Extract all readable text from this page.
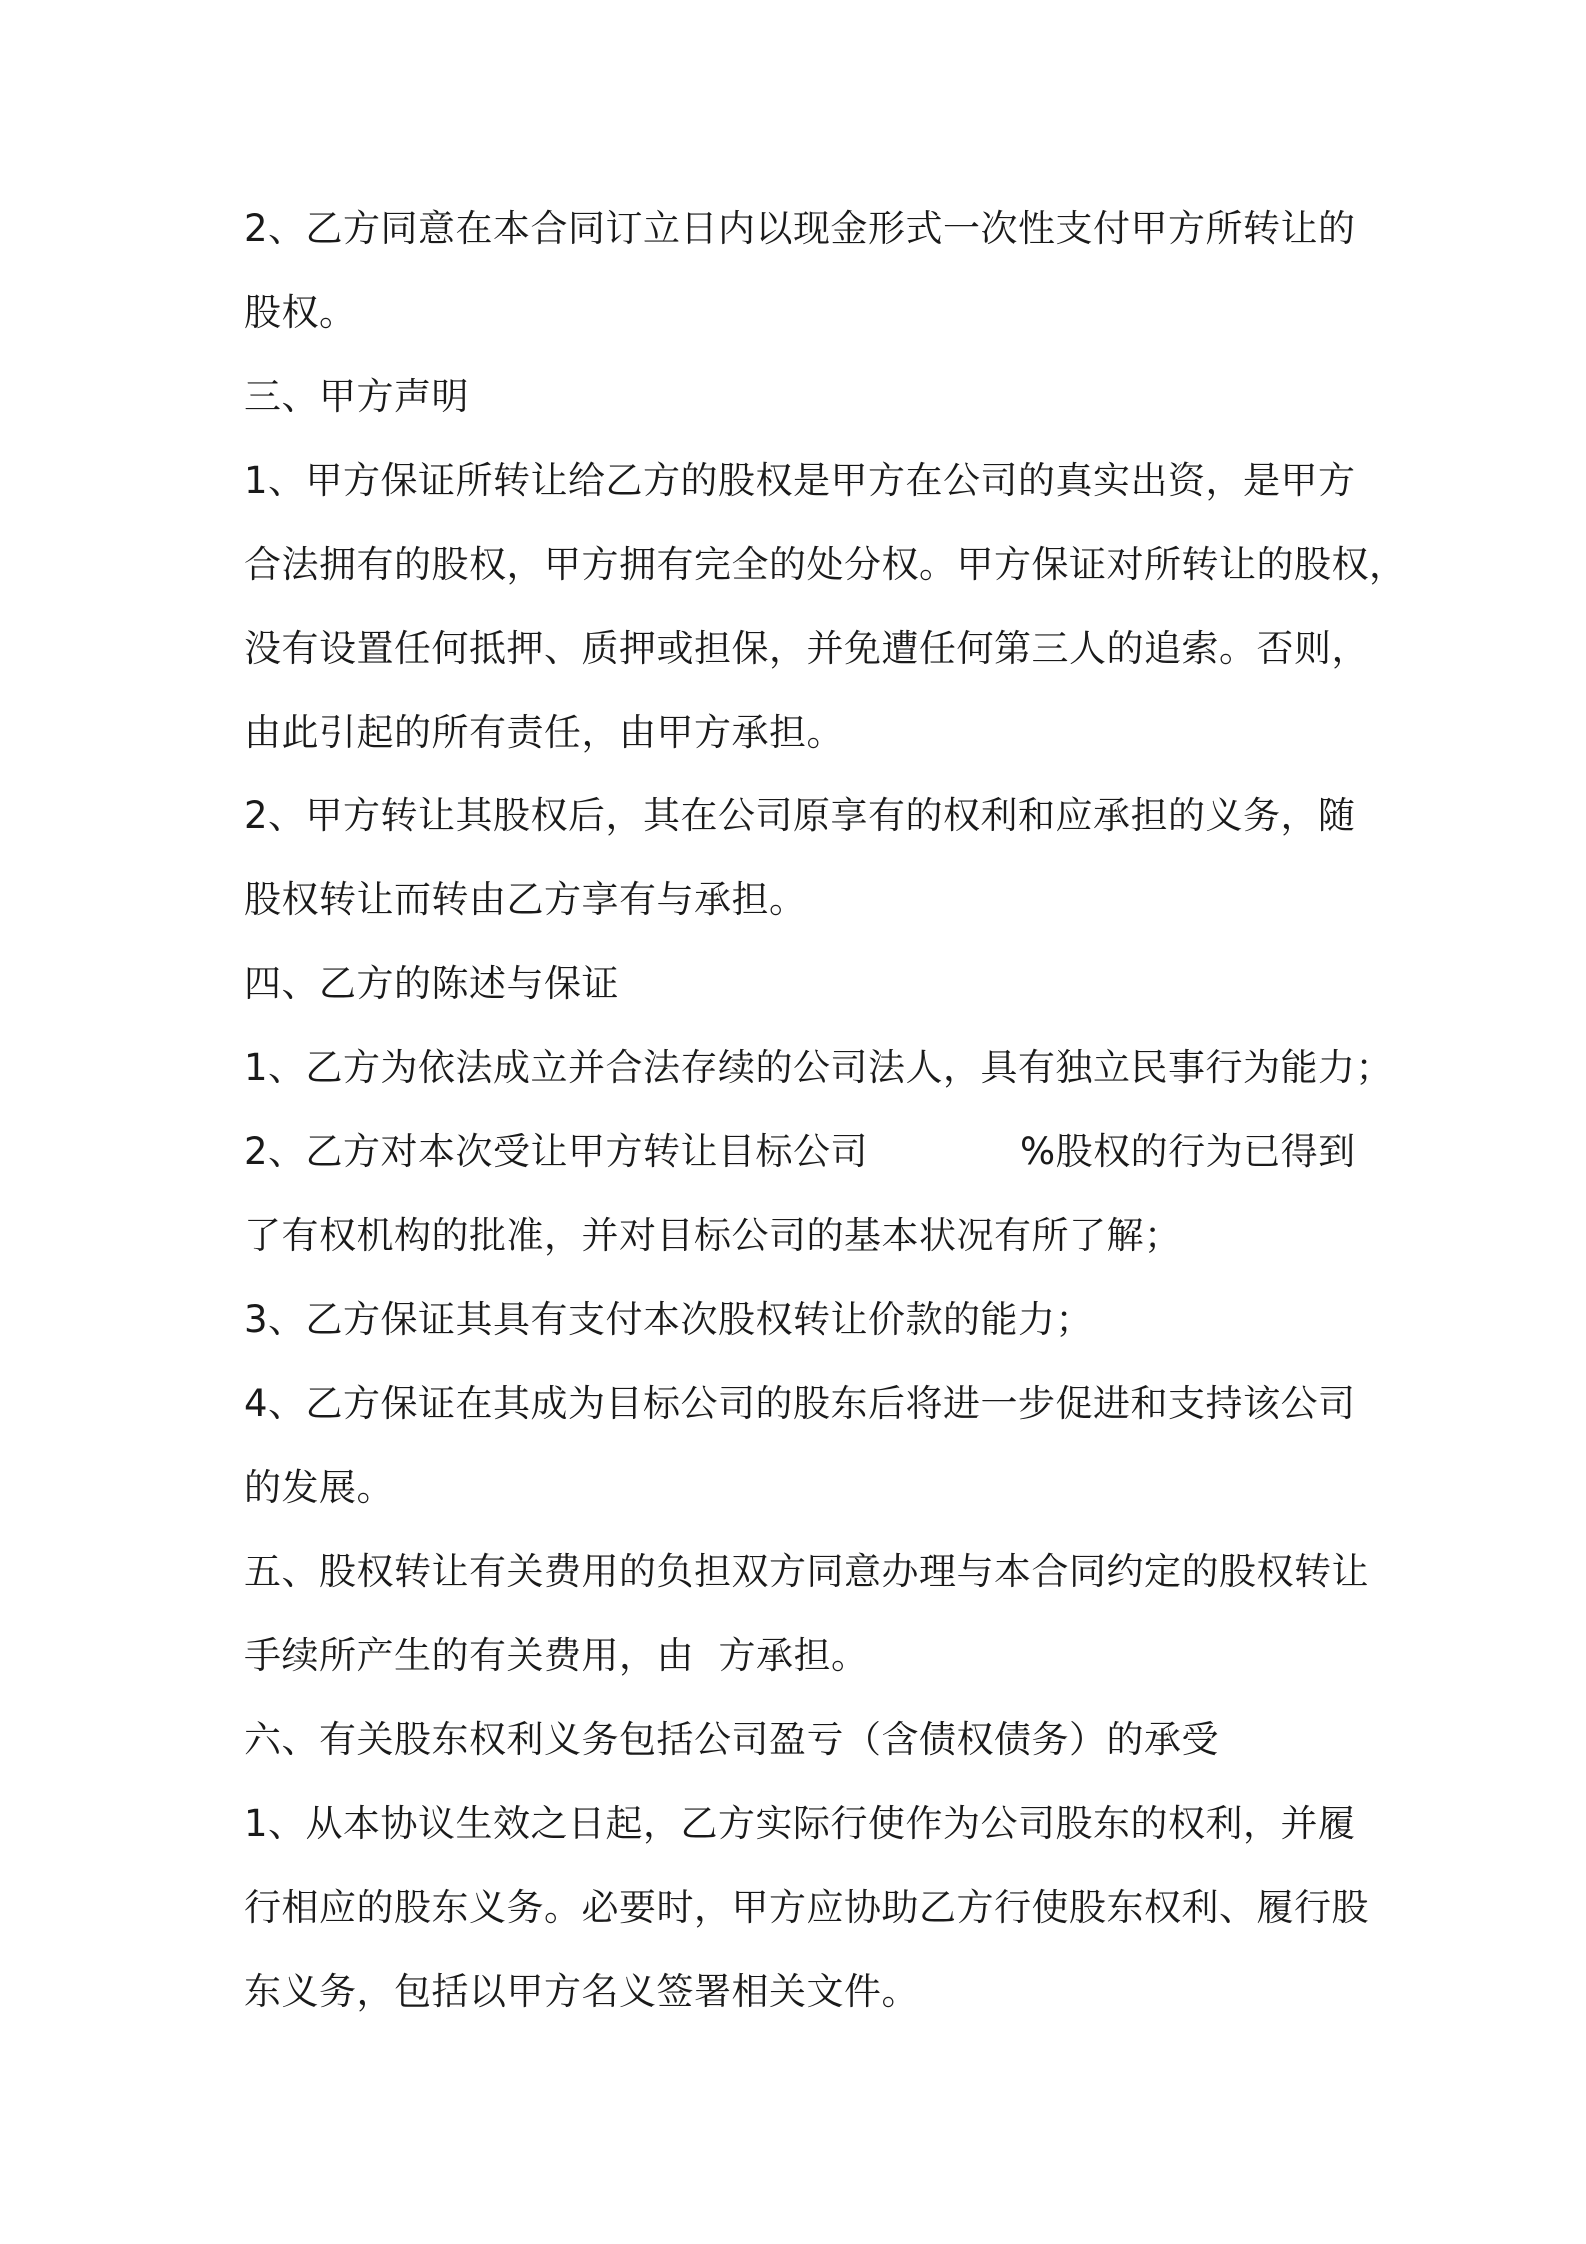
2、乙方同意在本合同订立日内以现金形式一次性支付甲方所转让的
股权。
三、甲方声明
1、甲方保证所转让给乙方的股权是甲方在公司的真实出资，是甲方
合法拥有的股权，甲方拥有完全的处分权。甲方保证对所转让的股权，
没有设置任何抵押、质押或担保，并免遭任何第三人的追索。否则，
由此引起的所有责任，由甲方承担。
2、甲方转让其股权后，其在公司原享有的权利和应承担的义务，随
股权转让而转由乙方享有与承担。
四、乙方的陈述与保证
1、乙方为依法成立并合法存续的公司法人，具有独立民事行为能力；
2、乙方对本次受让甲方转让目标公司	%股权的行为已得到
了有权机构的批准，并对目标公司的基本状况有所了解；
3、乙方保证其具有支付本次股权转让价款的能力；
4、乙方保证在其成为目标公司的股东后将进一步促进和支持该公司
的发展。
五、股权转让有关费用的负担双方同意办理与本合同约定的股权转让
手续所产生的有关费用，由  方承担。
六、有关股东权利义务包括公司盈亏（含债权债务）的承受
1、从本协议生效之日起，乙方实际行使作为公司股东的权利，并履
行相应的股东义务。必要时，甲方应协助乙方行使股东权利、履行股
东义务，包括以甲方名义签署相关文件。
